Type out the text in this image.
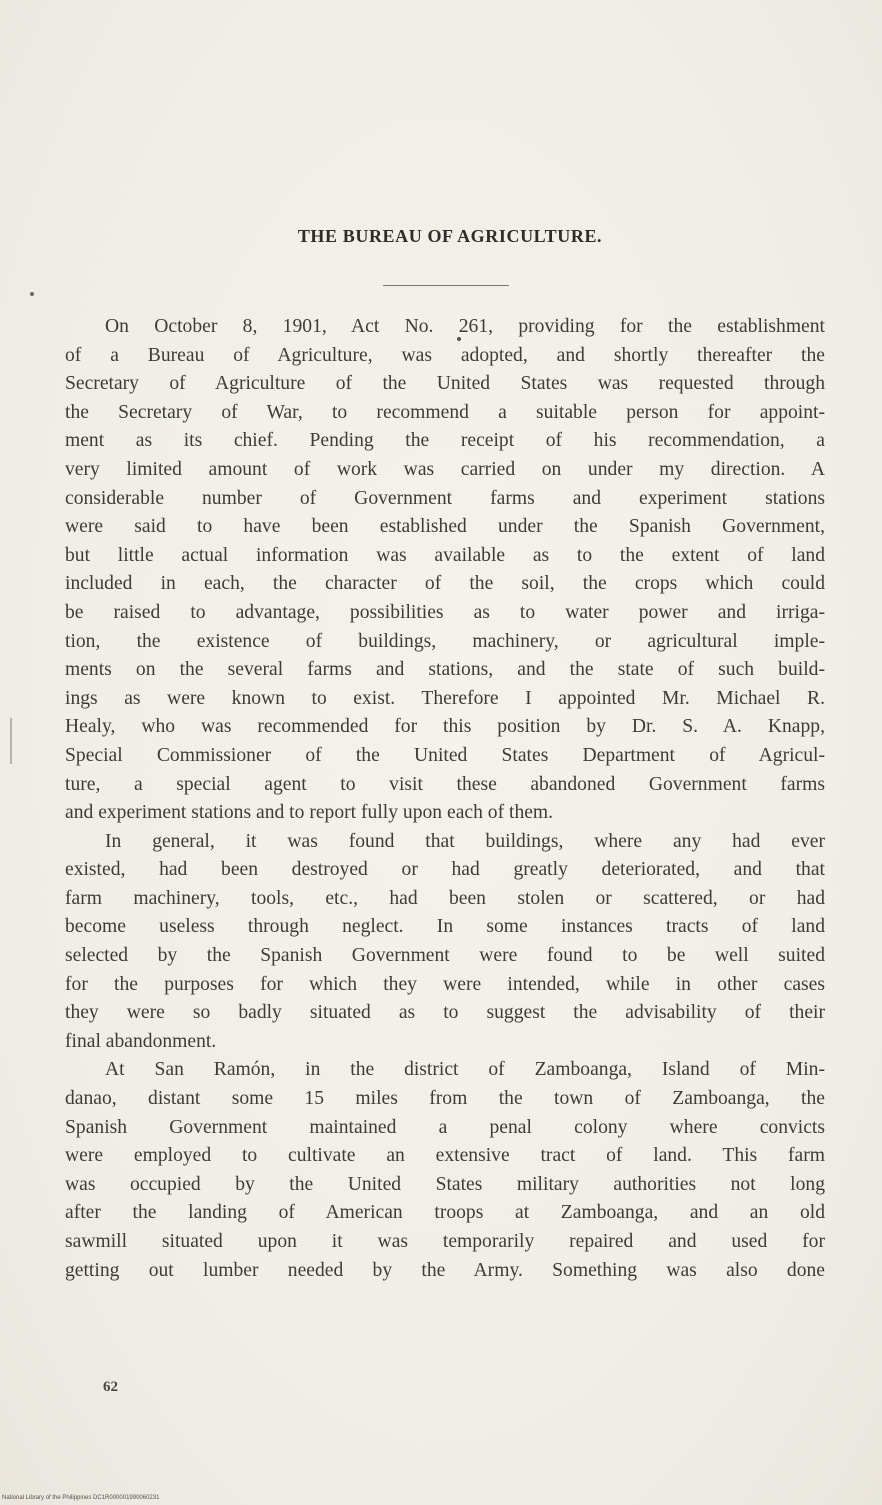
THE BUREAU OF AGRICULTURE.
On October 8, 1901, Act No. 261, providing for the establishment
of a Bureau of Agriculture, was adopted, and shortly thereafter the
Secretary of Agriculture of the United States was requested through
the Secretary of War, to recommend a suitable person for appoint-
ment as its chief. Pending the receipt of his recommendation, a
very limited amount of work was carried on under my direction. A
considerable number of Government farms and experiment stations
were said to have been established under the Spanish Government,
but little actual information was available as to the extent of land
included in each, the character of the soil, the crops which could
be raised to advantage, possibilities as to water power and irriga-
tion, the existence of buildings, machinery, or agricultural imple-
ments on the several farms and stations, and the state of such build-
ings as were known to exist. Therefore I appointed Mr. Michael R.
Healy, who was recommended for this position by Dr. S. A. Knapp,
Special Commissioner of the United States Department of Agricul-
ture, a special agent to visit these abandoned Government farms
and experiment stations and to report fully upon each of them.
In general, it was found that buildings, where any had ever
existed, had been destroyed or had greatly deteriorated, and that
farm machinery, tools, etc., had been stolen or scattered, or had
become useless through neglect. In some instances tracts of land
selected by the Spanish Government were found to be well suited
for the purposes for which they were intended, while in other cases
they were so badly situated as to suggest the advisability of their
final abandonment.
At San Ramón, in the district of Zamboanga, Island of Min-
danao, distant some 15 miles from the town of Zamboanga, the
Spanish Government maintained a penal colony where convicts
were employed to cultivate an extensive tract of land. This farm
was occupied by the United States military authorities not long
after the landing of American troops at Zamboanga, and an old
sawmill situated upon it was temporarily repaired and used for
getting out lumber needed by the Army. Something was also done
62
National Library of the Philippines DC1R000001990060231
